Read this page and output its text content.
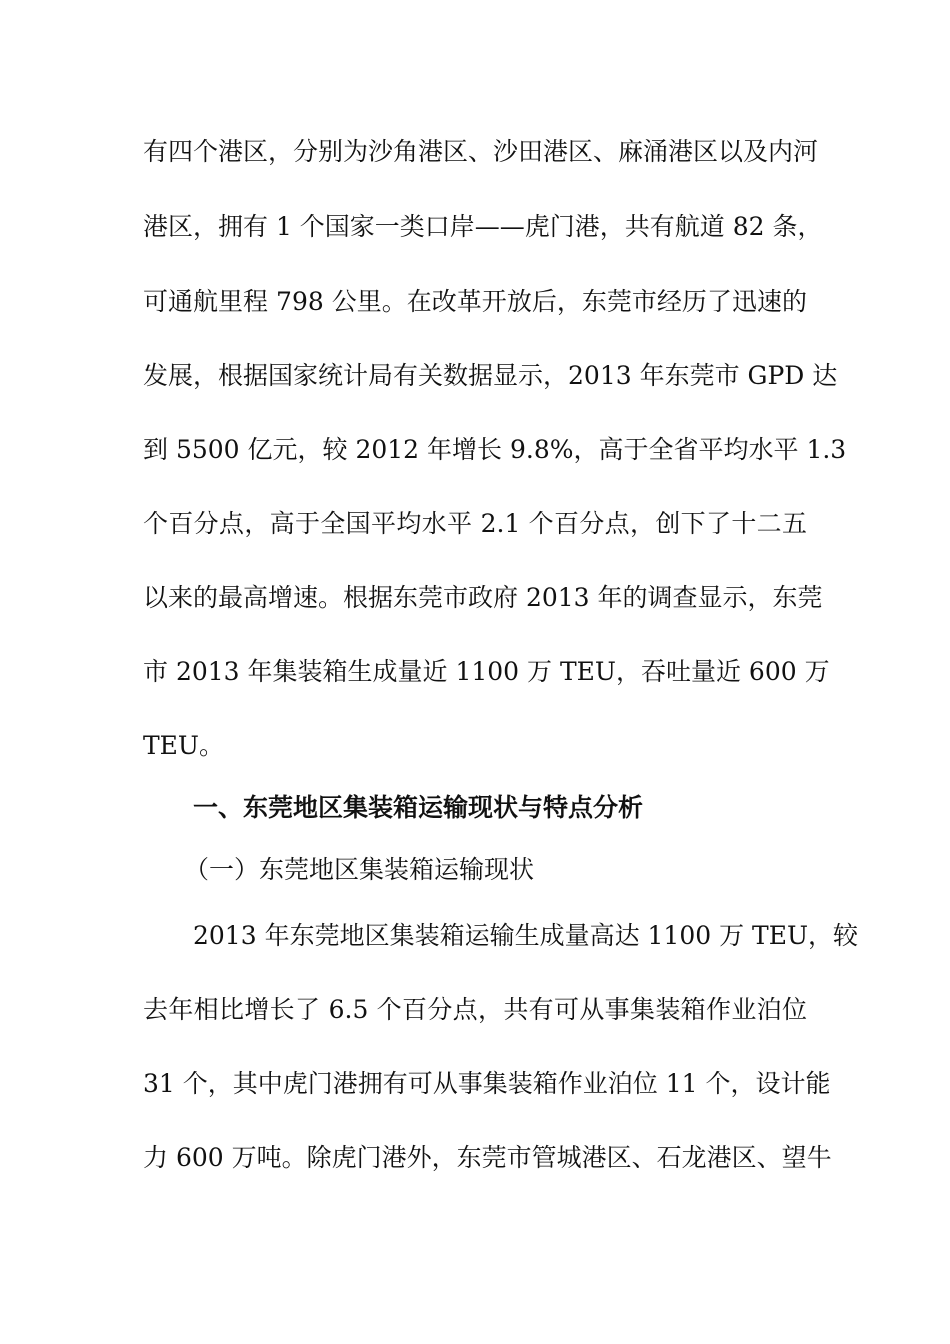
有四个港区，分别为沙角港区、沙田港区、麻涌港区以及内河
港区，拥有 1 个国家一类口岸——虎门港，共有航道 82 条，
可通航里程 798 公里。在改革开放后，东莞市经历了迅速的
发展，根据国家统计局有关数据显示，2013 年东莞市 GPD 达
到 5500 亿元，较 2012 年增长 9.8%，高于全省平均水平 1.3
个百分点，高于全国平均水平 2.1 个百分点，创下了十二五
以来的最高增速。根据东莞市政府 2013 年的调查显示，东莞
市 2013 年集装箱生成量近 1100 万 TEU，吞吐量近 600 万
TEU。
一、东莞地区集装箱运输现状与特点分析
（一）东莞地区集装箱运输现状
　　2013 年东莞地区集装箱运输生成量高达 1100 万 TEU，较
去年相比增长了 6.5 个百分点，共有可从事集装箱作业泊位
31 个，其中虎门港拥有可从事集装箱作业泊位 11 个，设计能
力 600 万吨。除虎门港外，东莞市管城港区、石龙港区、望牛
